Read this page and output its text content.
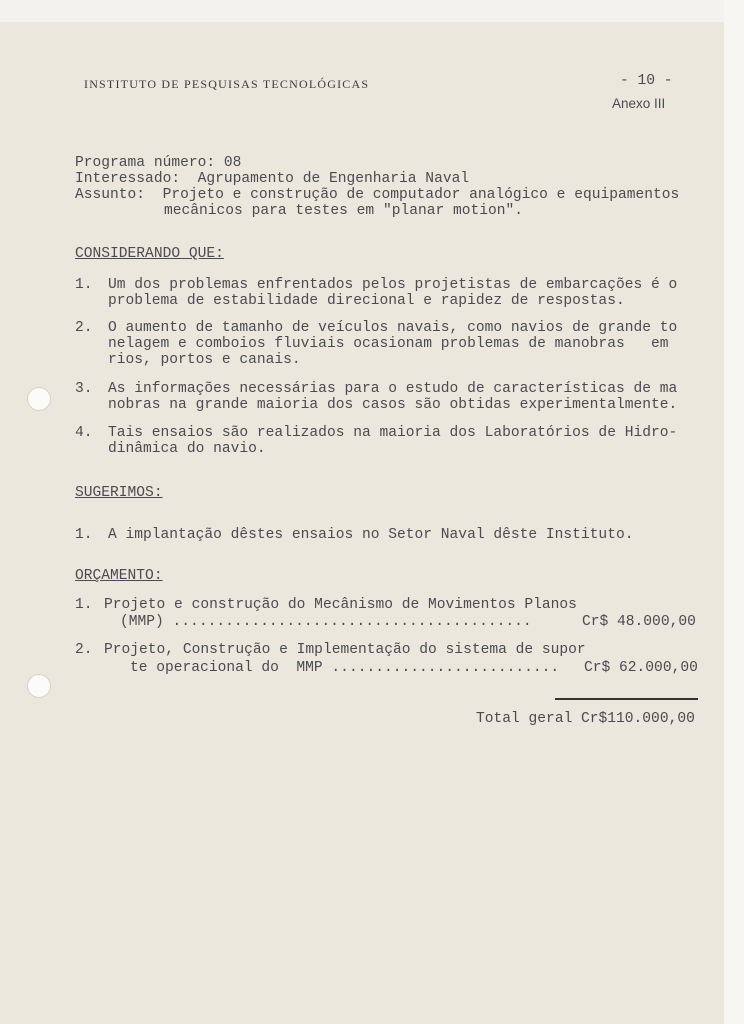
INSTITUTO DE PESQUISAS TECNOLÓGICAS	- 10 -
Anexo III
Programa número: 08
Interessado:  Agrupamento de Engenharia Naval
Assunto:  Projeto e construção de computador analógico e equipamentos
mecânicos para testes em "planar motion".
CONSIDERANDO QUE:
1. Um dos problemas enfrentados pelos projetistas de embarcações é o
problema de estabilidade direcional e rapidez de respostas.
2. O aumento de tamanho de veículos navais, como navios de grande to
nelagem e comboios fluviais ocasionam problemas de manobras   em
rios, portos e canais.
3. As informações necessárias para o estudo de características de ma
nobras na grande maioria dos casos são obtidas experimentalmente.
4. Tais ensaios são realizados na maioria dos Laboratórios de Hidro-
dinâmica do navio.
SUGERIMOS:
1. A implantação dêstes ensaios no Setor Naval dêste Instituto.
ORÇAMENTO:
1. Projeto e construção do Mecânismo de Movimentos Planos
(MMP) .........................................	Cr$ 48.000,00
2. Projeto, Construção e Implementação do sistema de supor
te operacional do  MMP .......................... Cr$ 62.000,00
Total geral Cr$110.000,00
